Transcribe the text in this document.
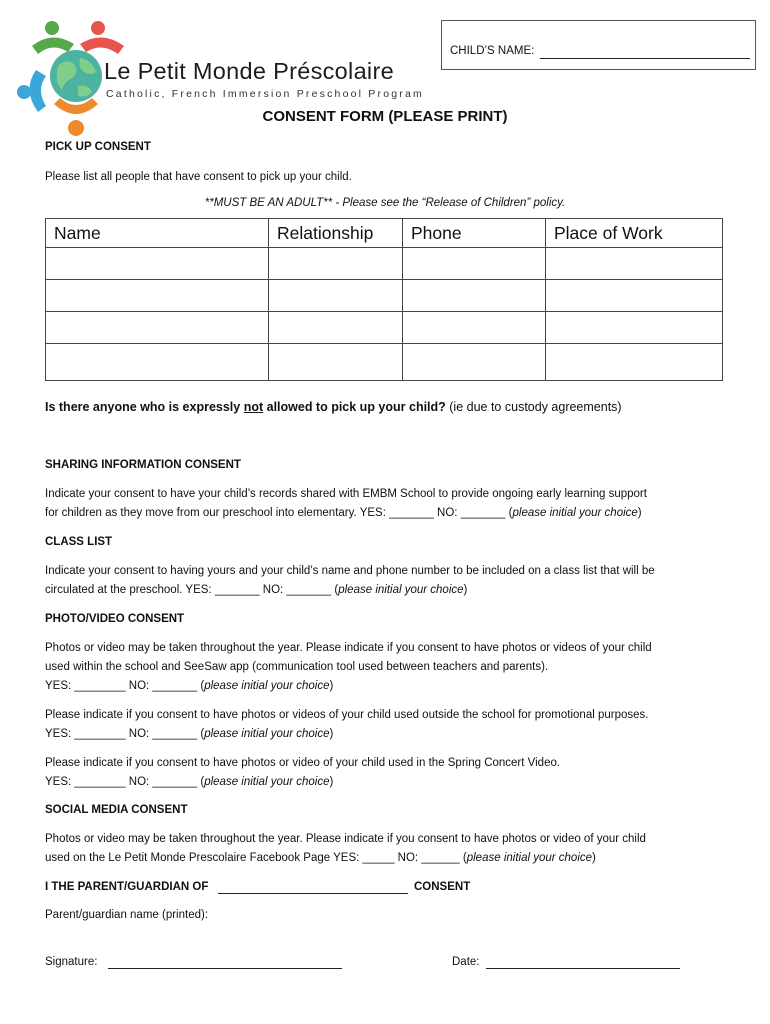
Le Petit Monde Préscolaire
Catholic, French Immersion Preschool Program
CHILD’S NAME:
CONSENT FORM (PLEASE PRINT)
PICK UP CONSENT
Please list all people that have consent to pick up your child.
**MUST BE AN ADULT** - Please see the “Release of Children” policy.
Name	Relationship	Phone	Place of Work

Is there anyone who is expressly not allowed to pick up your child? (ie due to custody agreements)
SHARING INFORMATION CONSENT
Indicate your consent to have your child’s records shared with EMBM School to provide ongoing early learning support
for children as they move from our preschool into elementary. YES: _______ NO: _______ (please initial your choice)
CLASS LIST
Indicate your consent to having yours and your child’s name and phone number to be included on a class list that will be
circulated at the preschool. YES: _______ NO: _______ (please initial your choice)
PHOTO/VIDEO CONSENT
Photos or video may be taken throughout the year. Please indicate if you consent to have photos or videos of your child
used within the school and SeeSaw app (communication tool used between teachers and parents).
YES: ________ NO: _______ (please initial your choice)
Please indicate if you consent to have photos or videos of your child used outside the school for promotional purposes.
YES: ________ NO: _______ (please initial your choice)
Please indicate if you consent to have photos or video of your child used in the Spring Concert Video.
YES: ________ NO: _______ (please initial your choice)
SOCIAL MEDIA CONSENT
Photos or video may be taken throughout the year. Please indicate if you consent to have photos or video of your child
used on the Le Petit Monde Prescolaire Facebook Page YES: _____ NO: ______ (please initial your choice)
I THE PARENT/GUARDIAN OF	CONSENT
Parent/guardian name (printed):
Signature:	Date:
